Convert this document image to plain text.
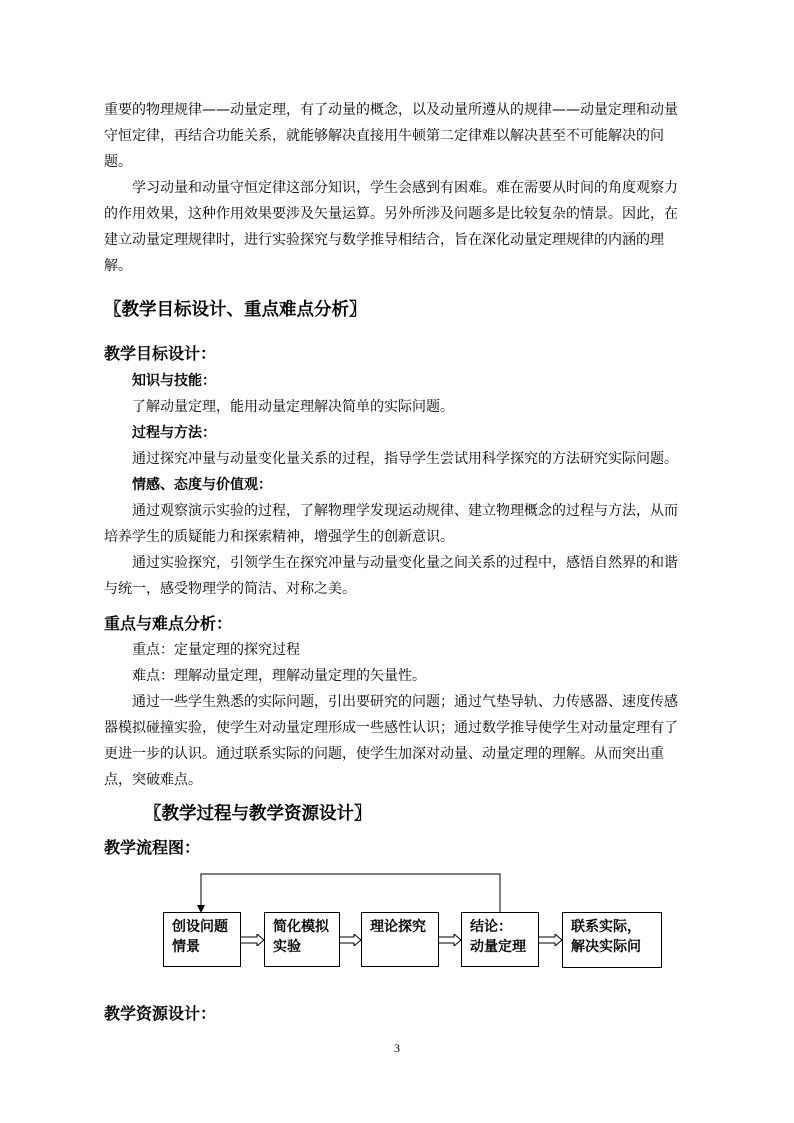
重要的物理规律——动量定理，有了动量的概念，以及动量所遵从的规律——动量定理和动量
守恒定律，再结合功能关系，就能够解决直接用牛顿第二定律难以解决甚至不可能解决的问
题。
学习动量和动量守恒定律这部分知识，学生会感到有困难。难在需要从时间的角度观察力
的作用效果，这种作用效果要涉及矢量运算。另外所涉及问题多是比较复杂的情景。因此，在
建立动量定理规律时，进行实验探究与数学推导相结合，旨在深化动量定理规律的内涵的理
解。
〖教学目标设计、重点难点分析〗
教学目标设计：
知识与技能：
了解动量定理，能用动量定理解决简单的实际问题。
过程与方法：
通过探究冲量与动量变化量关系的过程，指导学生尝试用科学探究的方法研究实际问题。
情感、态度与价值观：
通过观察演示实验的过程，了解物理学发现运动规律、建立物理概念的过程与方法，从而
培养学生的质疑能力和探索精神，增强学生的创新意识。
通过实验探究，引领学生在探究冲量与动量变化量之间关系的过程中，感悟自然界的和谐
与统一，感受物理学的简洁、对称之美。
重点与难点分析：
重点：定量定理的探究过程
难点：理解动量定理，理解动量定理的矢量性。
通过一些学生熟悉的实际问题，引出要研究的问题；通过气垫导轨、力传感器、速度传感
器模拟碰撞实验，使学生对动量定理形成一些感性认识；通过数学推导使学生对动量定理有了
更进一步的认识。通过联系实际的问题，使学生加深对动量、动量定理的理解。从而突出重
点，突破难点。
〖教学过程与教学资源设计〗
教学流程图：
创设问题
情景
简化模拟
实验
理论探究	结论：
动量定理
联系实际，
解决实际问
教学资源设计：
3
